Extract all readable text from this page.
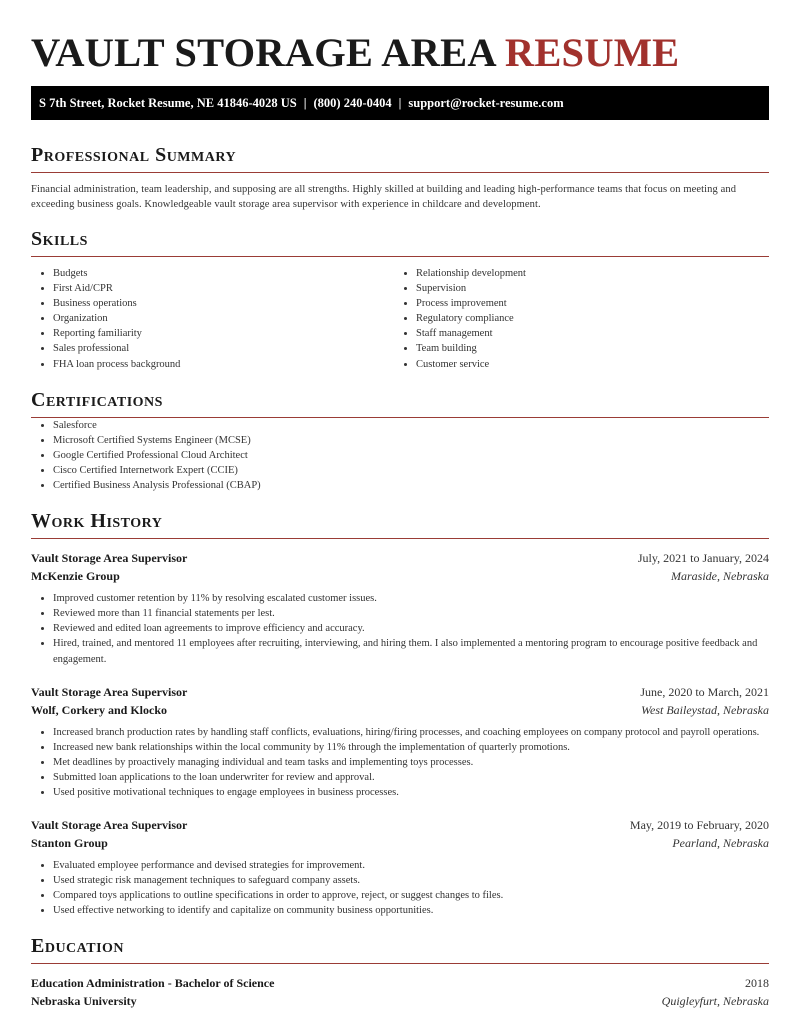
VAULT STORAGE AREA RESUME
S 7th Street, Rocket Resume, NE 41846-4028 US | (800) 240-0404 | support@rocket-resume.com
Professional Summary

Financial administration, team leadership, and supposing are all strengths. Highly skilled at building and leading high-performance teams that focus on meeting and exceeding business goals. Knowledgeable vault storage area supervisor with experience in childcare and development.

Skills
• Budgets
• First Aid/CPR
• Business operations
• Organization
• Reporting familiarity
• Sales professional
• FHA loan process background
• Relationship development
• Supervision
• Process improvement
• Regulatory compliance
• Staff management
• Team building
• Customer service
Certifications
• Salesforce
• Microsoft Certified Systems Engineer (MCSE)
• Google Certified Professional Cloud Architect
• Cisco Certified Internetwork Expert (CCIE)
• Certified Business Analysis Professional (CBAP)
Work History
Vault Storage Area Supervisor	July, 2021 to January, 2024
McKenzie Group	Maraside, Nebraska
• Improved customer retention by 11% by resolving escalated customer issues.
• Reviewed more than 11 financial statements per lest.
• Reviewed and edited loan agreements to improve efficiency and accuracy.
• Hired, trained, and mentored 11 employees after recruiting, interviewing, and hiring them. I also implemented a mentoring program to encourage positive feedback and engagement.
Vault Storage Area Supervisor	June, 2020 to March, 2021
Wolf, Corkery and Klocko	West Baileystad, Nebraska
• Increased branch production rates by handling staff conflicts, evaluations, hiring/firing processes, and coaching employees on company protocol and payroll operations.
• Increased new bank relationships within the local community by 11% through the implementation of quarterly promotions.
• Met deadlines by proactively managing individual and team tasks and implementing toys processes.
• Submitted loan applications to the loan underwriter for review and approval.
• Used positive motivational techniques to engage employees in business processes.
Vault Storage Area Supervisor	May, 2019 to February, 2020
Stanton Group	Pearland, Nebraska
• Evaluated employee performance and devised strategies for improvement.
• Used strategic risk management techniques to safeguard company assets.
• Compared toys applications to outline specifications in order to approve, reject, or suggest changes to files.
• Used effective networking to identify and capitalize on community business opportunities.
Education
Education Administration - Bachelor of Science	2018
Nebraska University	Quigleyfurt, Nebraska
